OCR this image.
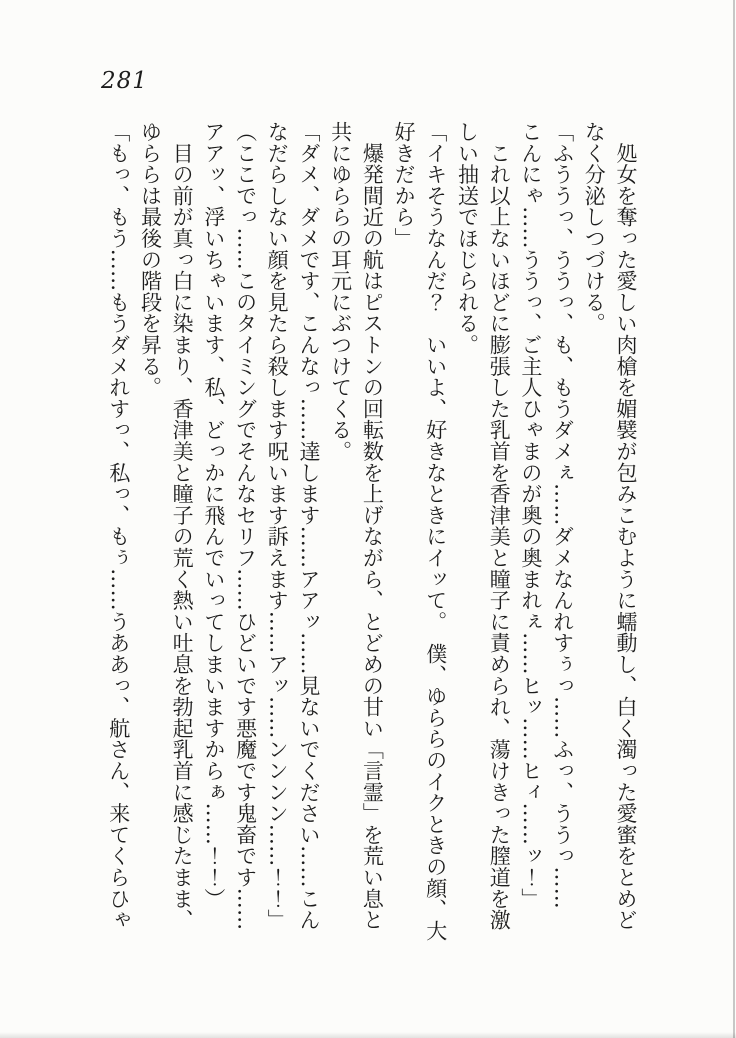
281
　処女を奪った愛しい肉槍を媚襞が包みこむように蠕動し、白く濁った愛蜜をとめど
なく分泌しつづける。
「ふううっ、ううっ、も、もうダメぇ……ダメなんれすぅっ……ふっ、ううっ……
こんにゃ……ううっ、ご主人ひゃまのが奥の奥まれぇ……ヒッ……ヒィ……ッ！」
　これ以上ないほどに膨張した乳首を香津美と瞳子に責められ、蕩けきった膣道を激
しい抽送でほじられる。
「イキそうなんだ？　いいよ、好きなときにイッて。　僕、ゆららのイクときの顔、大
好きだから」
　爆発間近の航はピストンの回転数を上げながら、とどめの甘い「言霊」を荒い息と
共にゆららの耳元にぶつけてくる。
「ダメ、ダメです、こんなっ……達します……アアッ……見ないでください……こん
なだらしない顔を見たら殺します呪います訴えます……アッ……ンンンン……！！」
（ここでっ……このタイミングでそんなセリフ……ひどいです悪魔です鬼畜です……
アアッ、浮いちゃいます、私、どっかに飛んでいってしまいますからぁ……！！）
　目の前が真っ白に染まり、香津美と瞳子の荒く熱い吐息を勃起乳首に感じたまま、
ゆららは最後の階段を昇る。
「もっ、もう……もうダメれすっ、私っ、もぅ……うああっ、航さん、来てくらひゃ
